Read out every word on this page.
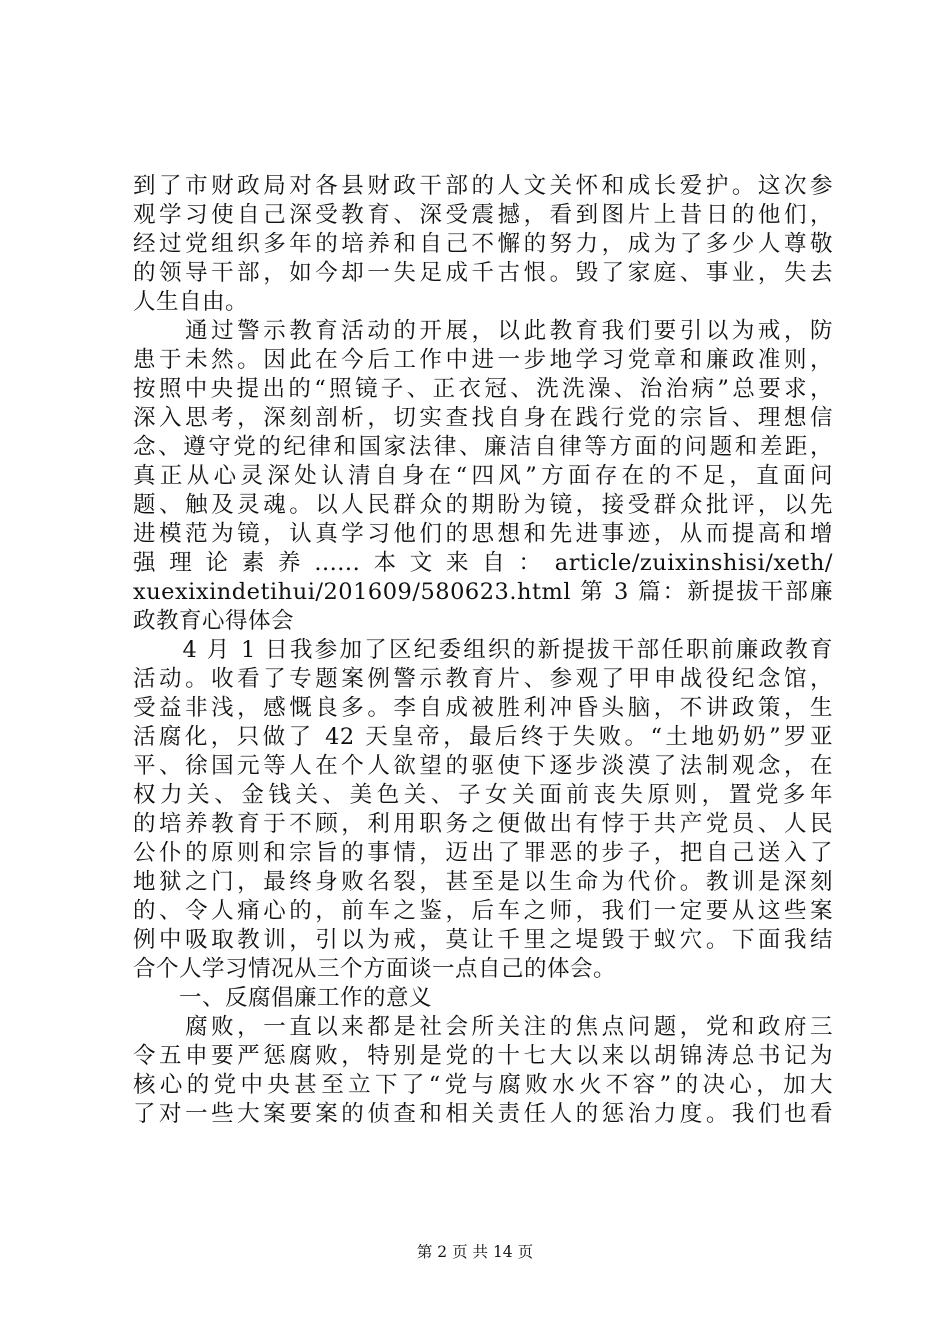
到了市财政局对各县财政干部的人文关怀和成长爱护。这次参
观学习使自己深受教育、深受震撼，看到图片上昔日的他们，
经过党组织多年的培养和自己不懈的努力，成为了多少人尊敬
的领导干部，如今却一失足成千古恨。毁了家庭、事业，失去
人生自由。
　　通过警示教育活动的开展，以此教育我们要引以为戒，防
患于未然。因此在今后工作中进一步地学习党章和廉政准则，
按照中央提出的“照镜子、正衣冠、洗洗澡、治治病”总要求，
深入思考，深刻剖析，切实查找自身在践行党的宗旨、理想信
念、遵守党的纪律和国家法律、廉洁自律等方面的问题和差距，
真正从心灵深处认清自身在“四风”方面存在的不足，直面问
题、触及灵魂。以人民群众的期盼为镜，接受群众批评，以先
进模范为镜，认真学习他们的思想和先进事迹，从而提高和增
强理论素养......本文来自：article/zuixinshisi/xeth/
xuexixindetihui/201609/580623.html 第 3 篇：新提拔干部廉
政教育心得体会
　　4 月 1 日我参加了区纪委组织的新提拔干部任职前廉政教育
活动。收看了专题案例警示教育片、参观了甲申战役纪念馆，
受益非浅，感慨良多。李自成被胜利冲昏头脑，不讲政策，生
活腐化，只做了 42 天皇帝，最后终于失败。“土地奶奶”罗亚
平、徐国元等人在个人欲望的驱使下逐步淡漠了法制观念，在
权力关、金钱关、美色关、子女关面前丧失原则，置党多年
的培养教育于不顾，利用职务之便做出有悖于共产党员、人民
公仆的原则和宗旨的事情，迈出了罪恶的步子，把自己送入了
地狱之门，最终身败名裂，甚至是以生命为代价。教训是深刻
的、令人痛心的，前车之鉴，后车之师，我们一定要从这些案
例中吸取教训，引以为戒，莫让千里之堤毁于蚁穴。下面我结
合个人学习情况从三个方面谈一点自己的体会。
　　一、反腐倡廉工作的意义
　　腐败，一直以来都是社会所关注的焦点问题，党和政府三
令五申要严惩腐败，特别是党的十七大以来以胡锦涛总书记为
核心的党中央甚至立下了“党与腐败水火不容”的决心，加大
了对一些大案要案的侦查和相关责任人的惩治力度。我们也看
第 2 页 共 14 页
